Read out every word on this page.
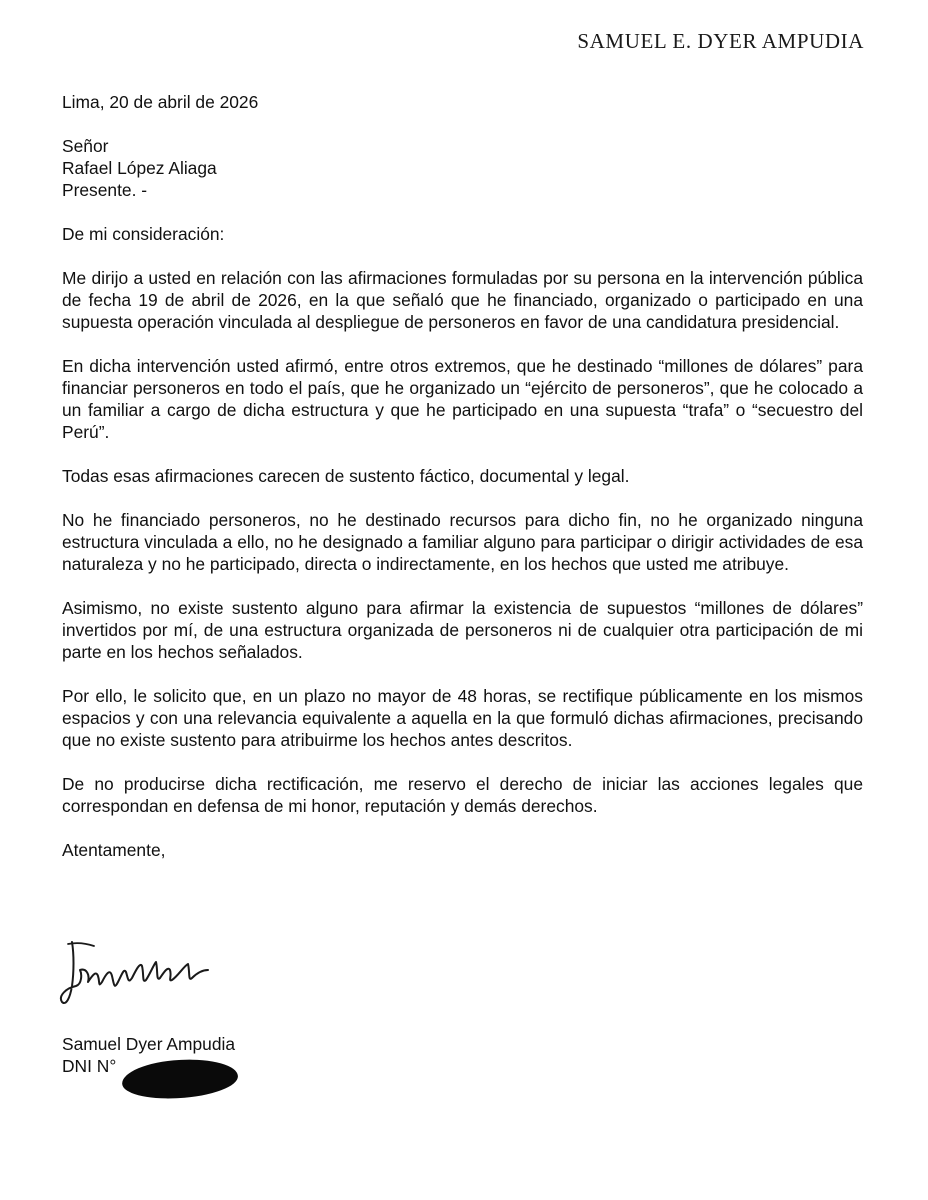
SAMUEL E. DYER AMPUDIA

Lima, 20 de abril de 2026

Señor

Rafael López Aliaga

Presente. -

De mi consideración:

Me dirijo a usted en relación con las afirmaciones formuladas por su persona en la intervención pública de fecha 19 de abril de 2026, en la que señaló que he financiado, organizado o participado en una supuesta operación vinculada al despliegue de personeros en favor de una candidatura presidencial.

En dicha intervención usted afirmó, entre otros extremos, que he destinado “millones de dólares” para financiar personeros en todo el país, que he organizado un “ejército de personeros”, que he colocado a un familiar a cargo de dicha estructura y que he participado en una supuesta “trafa” o “secuestro del Perú”.

Todas esas afirmaciones carecen de sustento fáctico, documental y legal.

No he financiado personeros, no he destinado recursos para dicho fin, no he organizado ninguna estructura vinculada a ello, no he designado a familiar alguno para participar o dirigir actividades de esa naturaleza y no he participado, directa o indirectamente, en los hechos que usted me atribuye.

Asimismo, no existe sustento alguno para afirmar la existencia de supuestos “millones de dólares” invertidos por mí, de una estructura organizada de personeros ni de cualquier otra participación de mi parte en los hechos señalados.

Por ello, le solicito que, en un plazo no mayor de 48 horas, se rectifique públicamente en los mismos espacios y con una relevancia equivalente a aquella en la que formuló dichas afirmaciones, precisando que no existe sustento para atribuirme los hechos antes descritos.

De no producirse dicha rectificación, me reservo el derecho de iniciar las acciones legales que correspondan en defensa de mi honor, reputación y demás derechos.

Atentamente,

Samuel Dyer Ampudia

DNI N°
